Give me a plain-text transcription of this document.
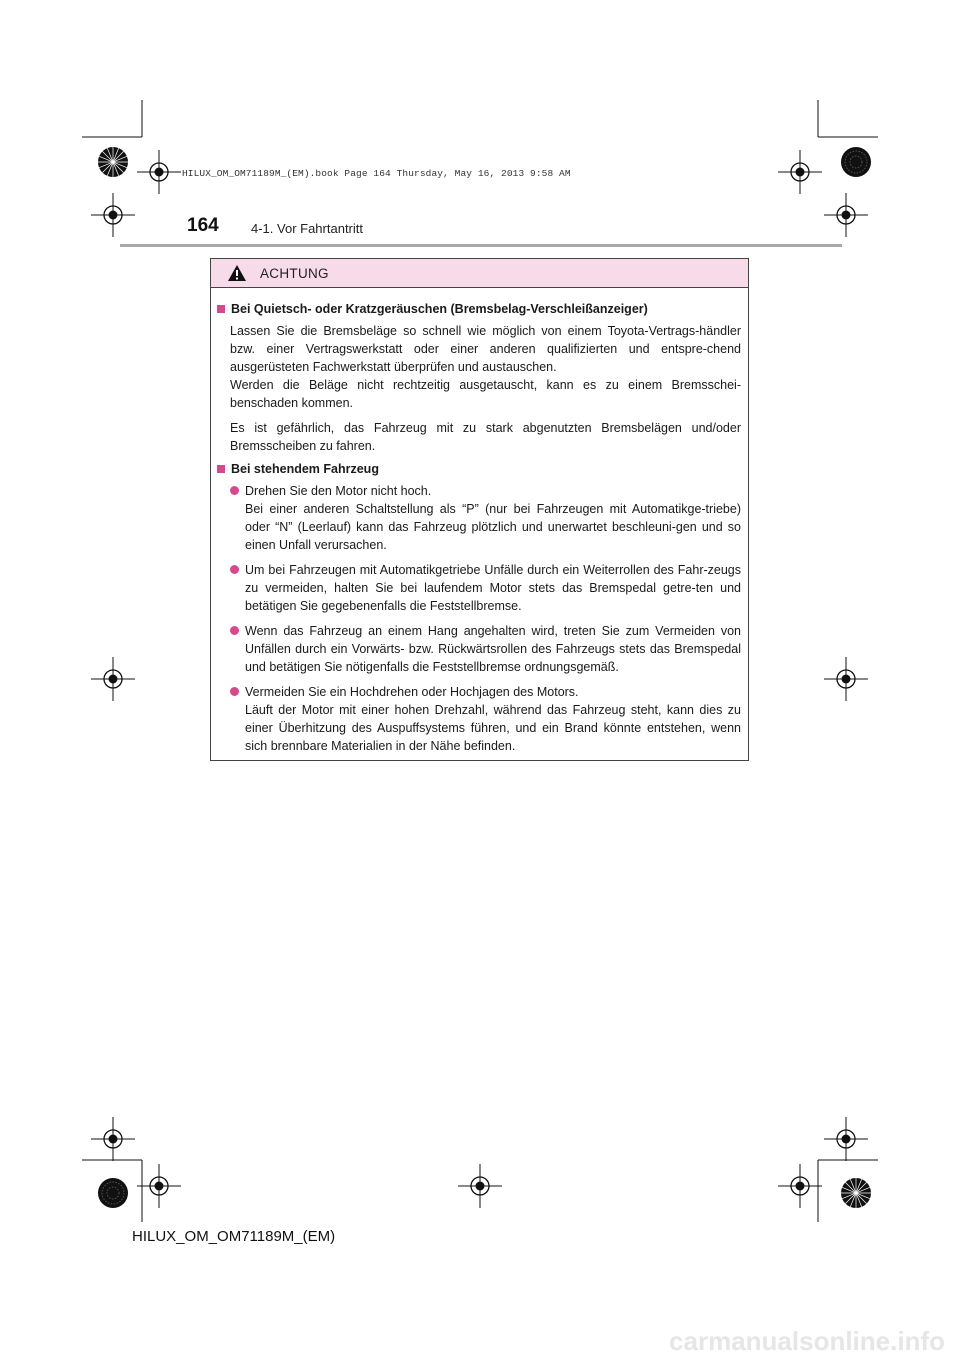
HILUX_OM_OM71189M_(EM).book Page 164 Thursday, May 16, 2013 9:58 AM
164 4-1. Vor Fahrtantritt
ACHTUNG
Bei Quietsch- oder Kratzgeräuschen (Bremsbelag-Verschleißanzeiger)
Lassen Sie die Bremsbeläge so schnell wie möglich von einem Toyota-Vertrags-händler bzw. einer Vertragswerkstatt oder einer anderen qualifizierten und entspre-chend ausgerüsteten Fachwerkstatt überprüfen und austauschen.
Werden die Beläge nicht rechtzeitig ausgetauscht, kann es zu einem Bremsschei-benschaden kommen.
Es ist gefährlich, das Fahrzeug mit zu stark abgenutzten Bremsbelägen und/oder Bremsscheiben zu fahren.
Bei stehendem Fahrzeug
Drehen Sie den Motor nicht hoch.
Bei einer anderen Schaltstellung als “P” (nur bei Fahrzeugen mit Automatikge-triebe) oder “N” (Leerlauf) kann das Fahrzeug plötzlich und unerwartet beschleuni-gen und so einen Unfall verursachen.
Um bei Fahrzeugen mit Automatikgetriebe Unfälle durch ein Weiterrollen des Fahr-zeugs zu vermeiden, halten Sie bei laufendem Motor stets das Bremspedal getre-ten und betätigen Sie gegebenenfalls die Feststellbremse.
Wenn das Fahrzeug an einem Hang angehalten wird, treten Sie zum Vermeiden von Unfällen durch ein Vorwärts- bzw. Rückwärtsrollen des Fahrzeugs stets das Bremspedal und betätigen Sie nötigenfalls die Feststellbremse ordnungsgemäß.
Vermeiden Sie ein Hochdrehen oder Hochjagen des Motors.
Läuft der Motor mit einer hohen Drehzahl, während das Fahrzeug steht, kann dies zu einer Überhitzung des Auspuffsystems führen, und ein Brand könnte entstehen, wenn sich brennbare Materialien in der Nähe befinden.
HILUX_OM_OM71189M_(EM)
carmanualsonline.info
